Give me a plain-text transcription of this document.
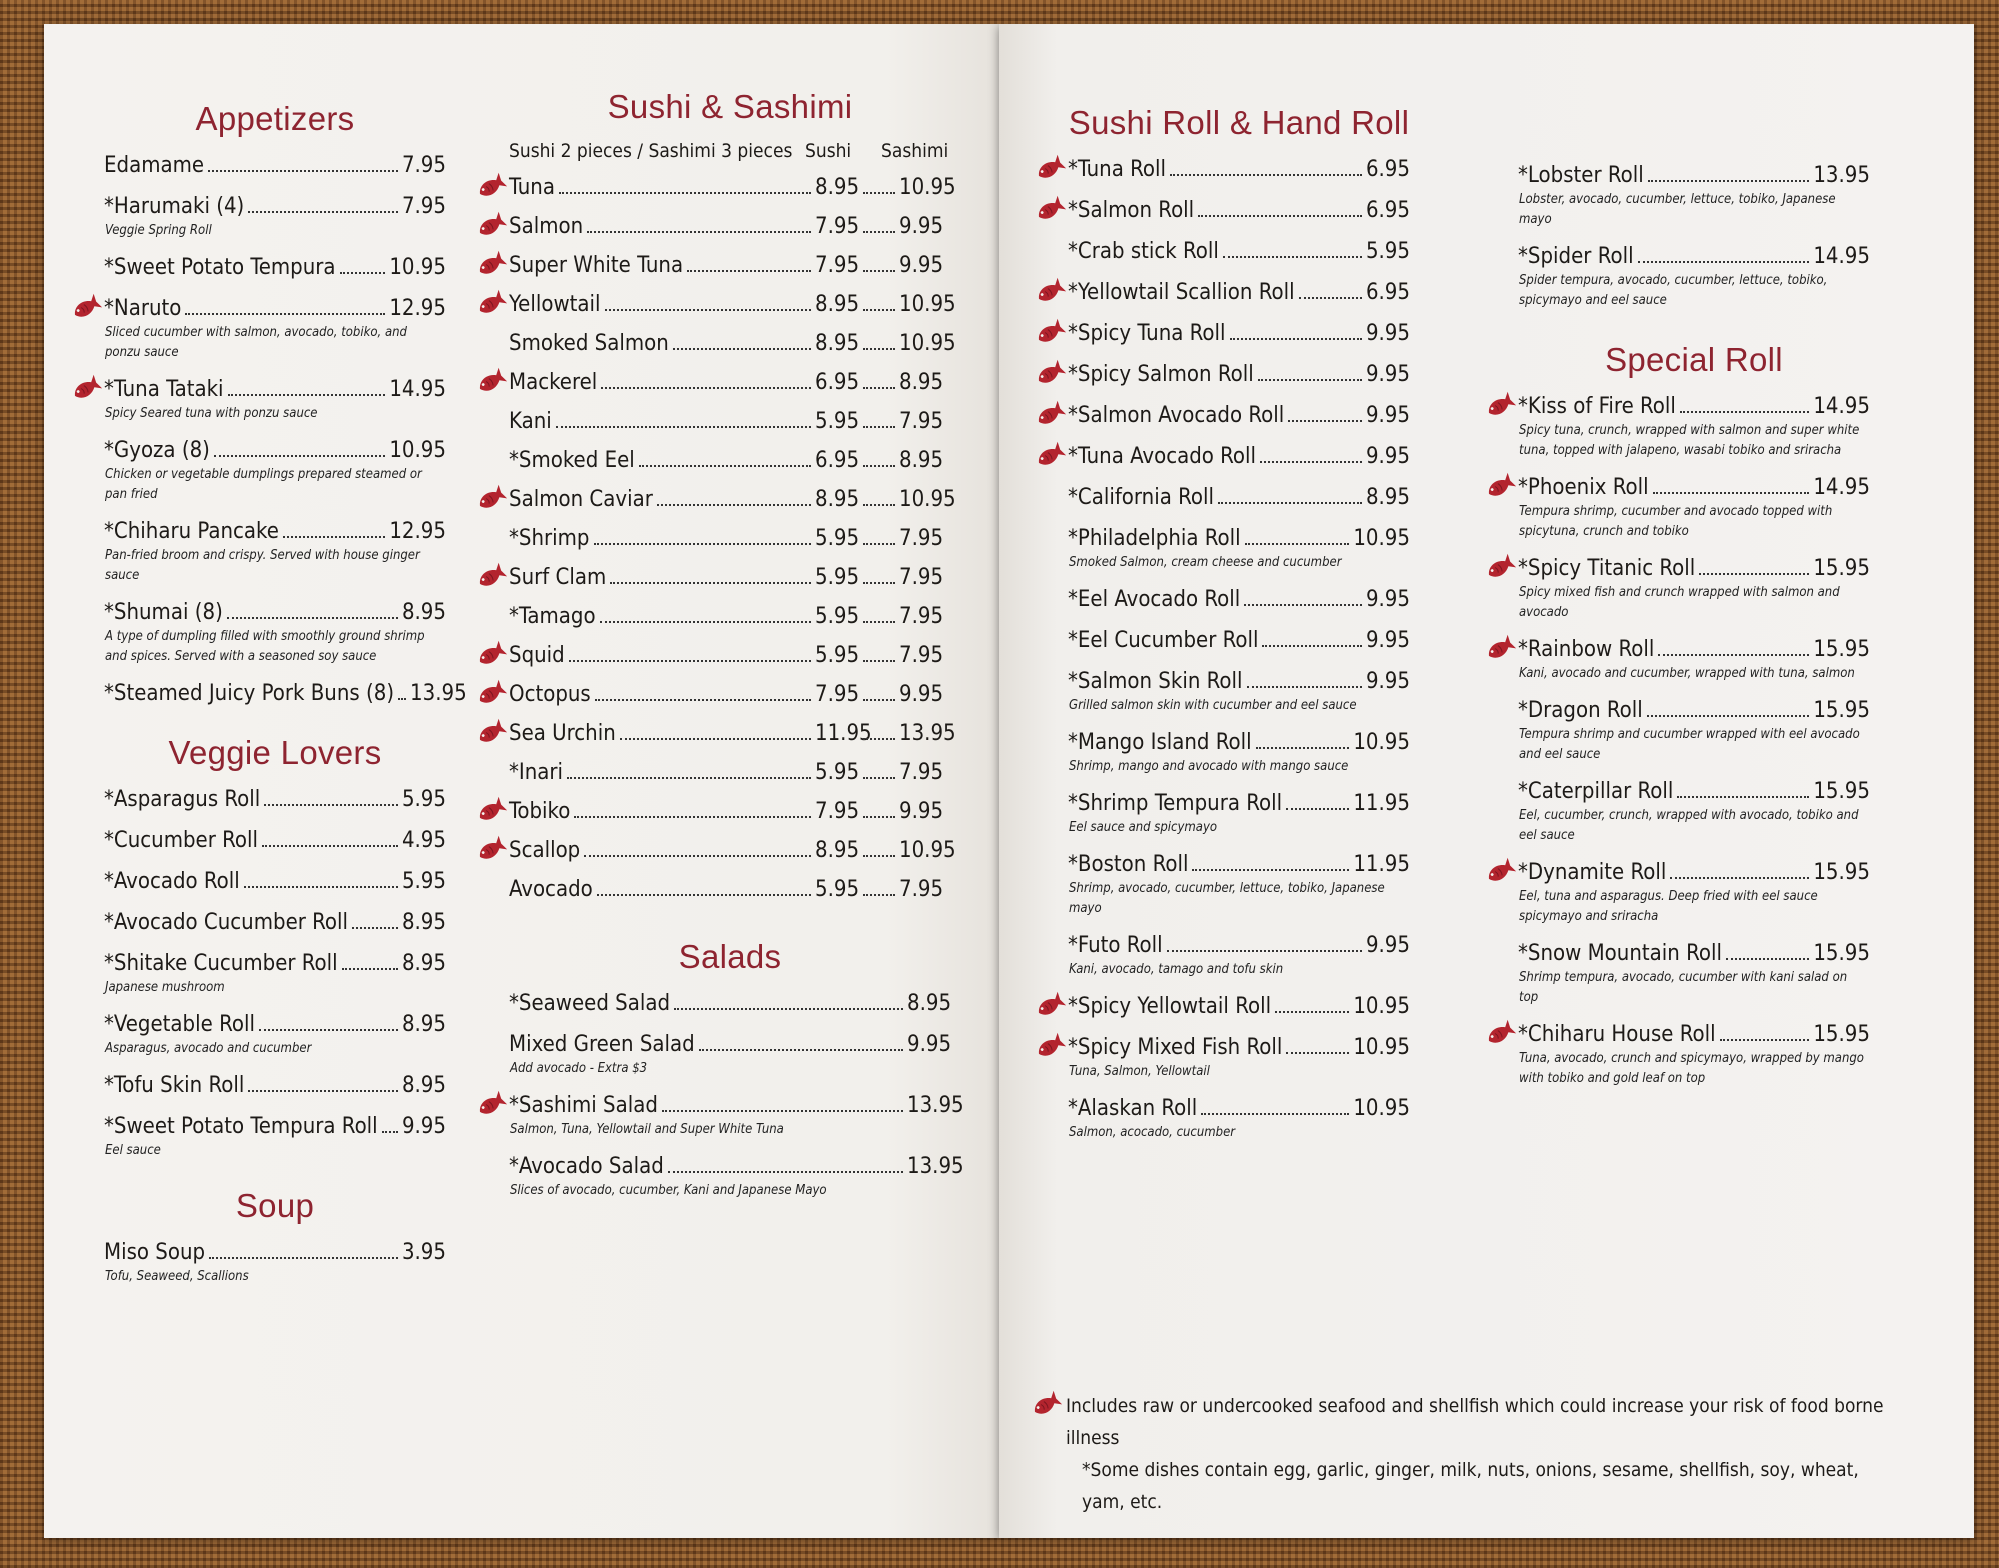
Appetizers
Edamame	7.95
*Harumaki (4)	7.95
Veggie Spring Roll
*Sweet Potato Tempura 10.95
*Naruto	12.95
Sliced cucumber with salmon, avocado, tobiko, and ponzu sauce
*Tuna Tataki	14.95
Spicy Seared tuna with ponzu sauce
*Gyoza (8)	10.95
Chicken or vegetable dumplings prepared steamed or pan fried
*Chiharu Pancake	12.95
Pan-fried broom and crispy. Served with house ginger sauce
*Shumai (8)	8.95
A type of dumpling filled with smoothly ground shrimp and spices. Served with a seasoned soy sauce
*Steamed Juicy Pork Buns (8) 13.95
Veggie Lovers
*Asparagus Roll	5.95
*Cucumber Roll	4.95
*Avocado Roll	5.95
*Avocado Cucumber Roll 8.95
*Shitake Cucumber Roll	8.95
Japanese mushroom
*Vegetable Roll	8.95
Asparagus, avocado and cucumber
*Tofu Skin Roll	8.95
*Sweet Potato Tempura Roll 9.95
Eel sauce
Soup
Miso Soup	3.95
Tofu, Seaweed, Scallions
Sushi & Sashimi
Sushi 2 pieces / Sashimi 3 pieces Sushi	Sashimi
Tuna	8.95 10.95
Salmon	7.95 9.95
Super White Tuna	7.95 9.95
Yellowtail	8.95 10.95
Smoked Salmon	8.95 10.95
Mackerel	6.95 8.95
Kani	5.95 7.95
*Smoked Eel	6.95 8.95
Salmon Caviar	8.95 10.95
*Shrimp	5.95 7.95
Surf Clam	5.95 7.95
*Tamago	5.95 7.95
Squid	5.95 7.95
Octopus	7.95 9.95
Sea Urchin	11.95 13.95
*Inari	5.95 7.95
Tobiko	7.95 9.95
Scallop	8.95 10.95
Avocado	5.95 7.95
Salads
*Seaweed Salad	8.95
Mixed Green Salad	9.95
Add avocado - Extra $3
*Sashimi Salad	13.95
Salmon, Tuna, Yellowtail and Super White Tuna
*Avocado Salad	13.95
Slices of avocado, cucumber, Kani and Japanese Mayo
Sushi Roll & Hand Roll
*Tuna Roll	6.95
*Salmon Roll	6.95
*Crab stick Roll	5.95
*Yellowtail Scallion Roll	6.95
*Spicy Tuna Roll	9.95
*Spicy Salmon Roll	9.95
*Salmon Avocado Roll	9.95
*Tuna Avocado Roll	9.95
*California Roll	8.95
*Philadelphia Roll	10.95
Smoked Salmon, cream cheese and cucumber
*Eel Avocado Roll	9.95
*Eel Cucumber Roll	9.95
*Salmon Skin Roll	9.95
Grilled salmon skin with cucumber and eel sauce
*Mango Island Roll	10.95
Shrimp, mango and avocado with mango sauce
*Shrimp Tempura Roll	11.95
Eel sauce and spicymayo
*Boston Roll	11.95
Shrimp, avocado, cucumber, lettuce, tobiko, Japanese mayo
*Futo Roll	9.95
Kani, avocado, tamago and tofu skin
*Spicy Yellowtail Roll	10.95
*Spicy Mixed Fish Roll	10.95
Tuna, Salmon, Yellowtail
*Alaskan Roll	10.95
Salmon, acocado, cucumber
*Lobster Roll	13.95
Lobster, avocado, cucumber, lettuce, tobiko, Japanese mayo
*Spider Roll	14.95
Spider tempura, avocado, cucumber, lettuce, tobiko, spicymayo and eel sauce
Special Roll
*Kiss of Fire Roll	14.95
Spicy tuna, crunch, wrapped with salmon and super white tuna, topped with jalapeno, wasabi tobiko and sriracha
*Phoenix Roll	14.95
Tempura shrimp, cucumber and avocado topped with spicytuna, crunch and tobiko
*Spicy Titanic Roll	15.95
Spicy mixed fish and crunch wrapped with salmon and avocado
*Rainbow Roll	15.95
Kani, avocado and cucumber, wrapped with tuna, salmon
*Dragon Roll	15.95
Tempura shrimp and cucumber wrapped with eel avocado and eel sauce
*Caterpillar Roll	15.95
Eel, cucumber, crunch, wrapped with avocado, tobiko and eel sauce
*Dynamite Roll	15.95
Eel, tuna and asparagus. Deep fried with eel sauce spicymayo and sriracha
*Snow Mountain Roll	15.95
Shrimp tempura, avocado, cucumber with kani salad on top
*Chiharu House Roll	15.95
Tuna, avocado, crunch and spicymayo, wrapped by mango with tobiko and gold leaf on top
Includes raw or undercooked seafood and shellfish which could increase your risk of food borne illness
*Some dishes contain egg, garlic, ginger, milk, nuts, onions, sesame, shellfish, soy, wheat, yam, etc.
